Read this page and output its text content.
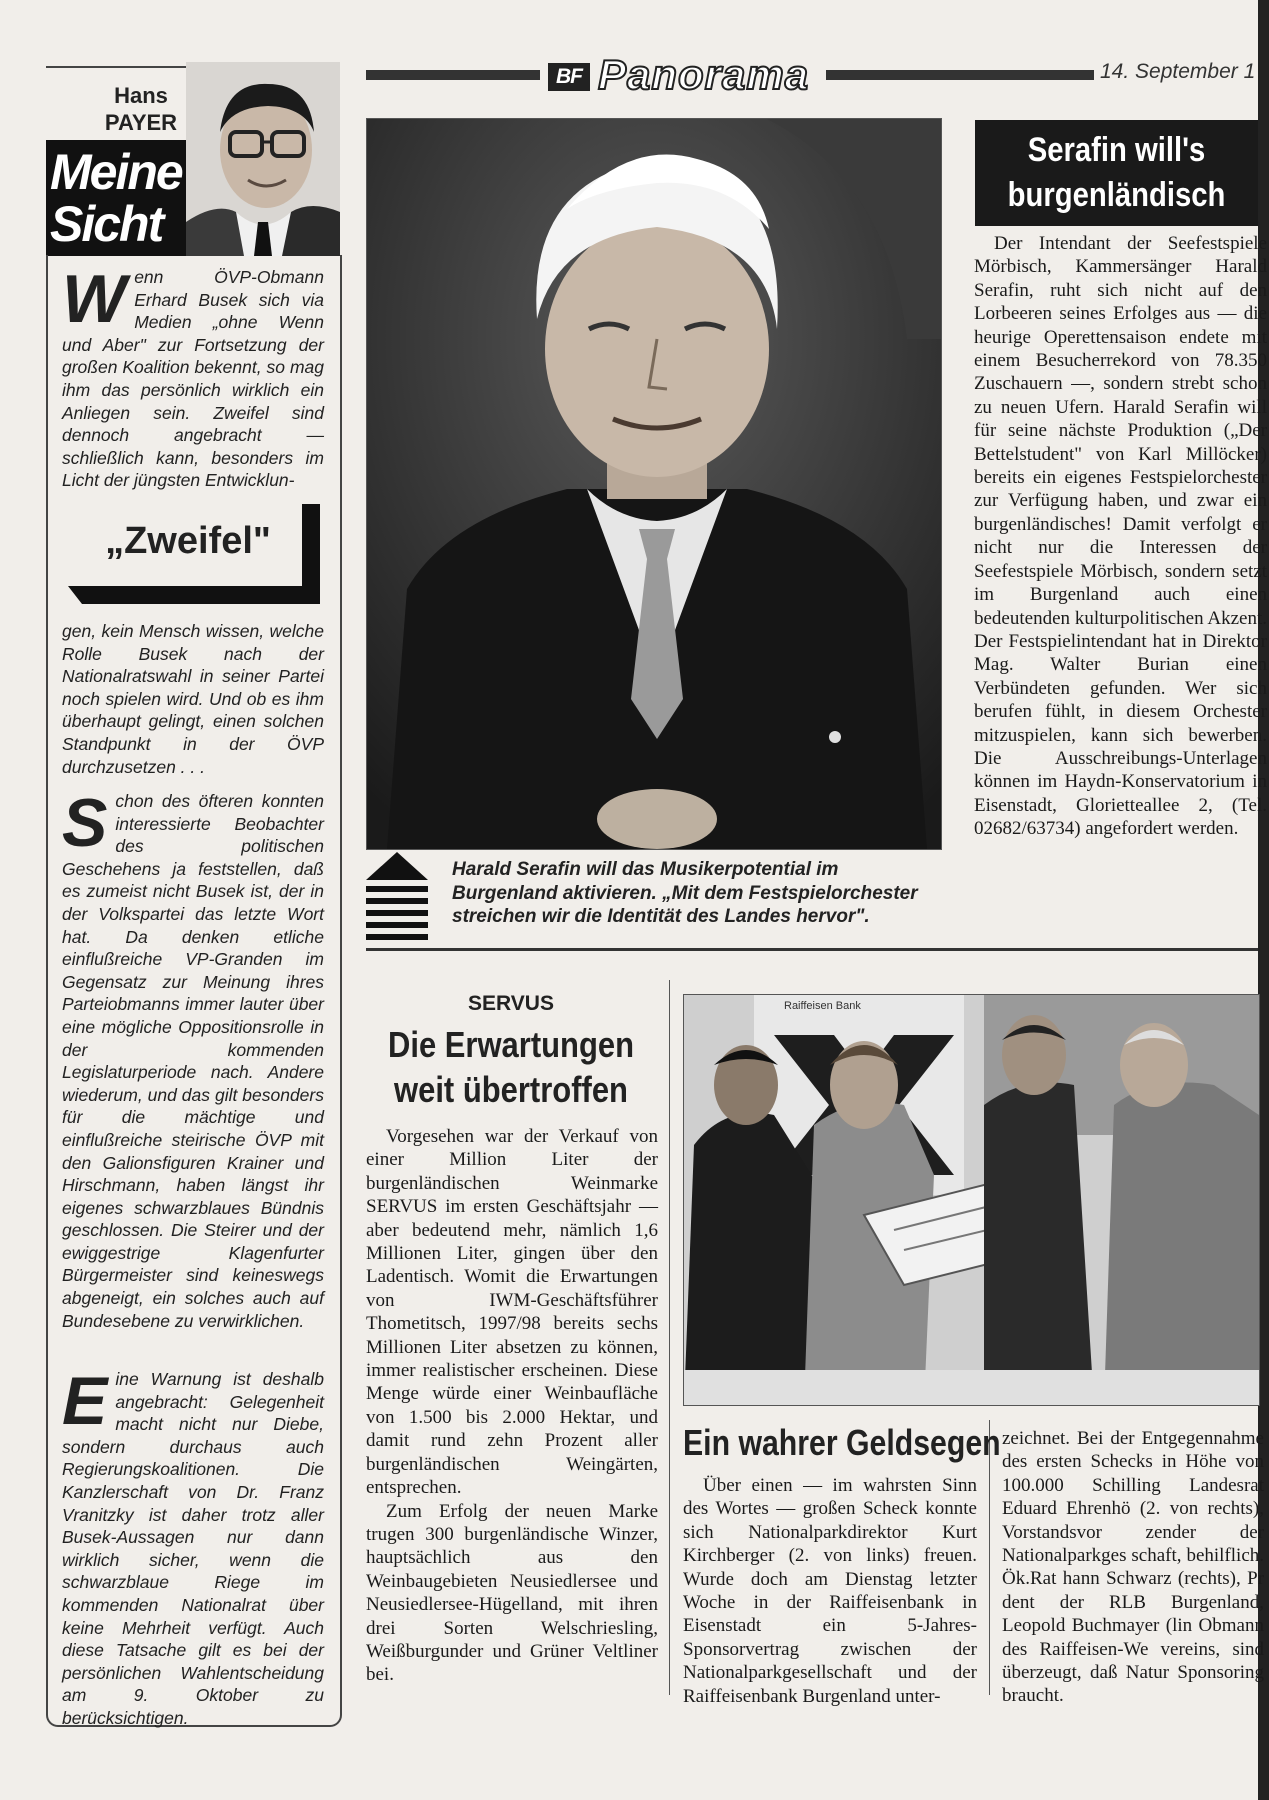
BF Panorama	14. September 1
Hans
PAYER
Meine Sicht

Wenn ÖVP-Obmann Erhard Busek sich via Medien „ohne Wenn und Aber" zur Fortsetzung der großen Koalition bekennt, so mag ihm das persönlich wirklich ein Anliegen sein. Zweifel sind dennoch angebracht — schließlich kann, besonders im Licht der jüngsten Entwicklun-

„Zweifel"

gen, kein Mensch wissen, welche Rolle Busek nach der Nationalratswahl in seiner Partei noch spielen wird. Und ob es ihm überhaupt gelingt, einen solchen Standpunkt in der ÖVP durchzusetzen . . .

Schon des öfteren konnten interessierte Beobachter des politischen Geschehens ja feststellen, daß es zumeist nicht Busek ist, der in der Volkspartei das letzte Wort hat. Da denken etliche einflußreiche VP-Granden im Gegensatz zur Meinung ihres Parteiobmanns immer lauter über eine mögliche Oppositionsrolle in der kommenden Legislaturperiode nach. Andere wiederum, und das gilt besonders für die mächtige und einflußreiche steirische ÖVP mit den Galionsfiguren Krainer und Hirschmann, haben längst ihr eigenes schwarzblaues Bündnis geschlossen. Die Steirer und der ewiggestrige Klagenfurter Bürgermeister sind keineswegs abgeneigt, ein solches auch auf Bundesebene zu verwirklichen.

Eine Warnung ist deshalb angebracht: Gelegenheit macht nicht nur Diebe, sondern durchaus auch Regierungskoalitionen. Die Kanzlerschaft von Dr. Franz Vranitzky ist daher trotz aller Busek-Aussagen nur dann wirklich sicher, wenn die schwarzblaue Riege im kommenden Nationalrat über keine Mehrheit verfügt. Auch diese Tatsache gilt es bei der persönlichen Wahlentscheidung am 9. Oktober zu berücksichtigen.

Harald Serafin will das Musikerpotential im Burgenland aktivieren. „Mit dem Festspielorchester streichen wir die Identität des Landes hervor".
Serafin will's
burgenländisch

Der Intendant der Seefestspiele Mörbisch, Kammersänger Harald Serafin, ruht sich nicht auf den Lorbeeren seines Erfolges aus — die heurige Operettensaison endete mit einem Besucherrekord von 78.350 Zuschauern —, sondern strebt schon zu neuen Ufern. Harald Serafin will für seine nächste Produktion („Der Bettelstudent" von Karl Millöcker) bereits ein eigenes Festspielorchester zur Verfügung haben, und zwar ein burgenländisches! Damit verfolgt er nicht nur die Interessen der Seefestspiele Mörbisch, sondern setzt im Burgenland auch einen bedeutenden kulturpolitischen Akzent. Der Festspielintendant hat in Direktor Mag. Walter Burian einen Verbündeten gefunden. Wer sich berufen fühlt, in diesem Orchester mitzuspielen, kann sich bewerben. Die Ausschreibungs-Unterlagen können im Haydn-Konservatorium in Eisenstadt, Gloriettealleе 2, (Tel. 02682/63734) angefordert werden.

SERVUS
Die Erwartungen
weit übertroffen

Vorgesehen war der Verkauf von einer Million Liter der burgenländischen Weinmarke SERVUS im ersten Geschäftsjahr — aber bedeutend mehr, nämlich 1,6 Millionen Liter, gingen über den Ladentisch. Womit die Erwartungen von IWM-Geschäftsführer Thometitsch, 1997/98 bereits sechs Millionen Liter absetzen zu können, immer realistischer erscheinen. Diese Menge würde einer Weinbaufläche von 1.500 bis 2.000 Hektar, und damit rund zehn Prozent aller burgenländischen Weingärten, entsprechen.

Zum Erfolg der neuen Marke trugen 300 burgenländische Winzer, hauptsächlich aus den Weinbaugebieten Neusiedlersee und Neusiedlersee-Hügelland, mit ihren drei Sorten Welschriesling, Weißburgunder und Grüner Veltliner bei.

Raiffeisen Bank
Ein wahrer Geldsegen

Über einen — im wahrsten Sinn des Wortes — großen Scheck konnte sich Nationalparkdirektor Kurt Kirchberger (2. von links) freuen. Wurde doch am Dienstag letzter Woche in der Raiffeisenbank in Eisenstadt ein 5-Jahres-Sponsorvertrag zwischen der Nationalparkgesellschaft und der Raiffeisenbank Burgenland unter-

zeichnet. Bei der Entgegennahme des ersten Schecks in Höhe von 100.000 Schilling Landesrat Eduard Ehrenhö (2. von rechts), Vorstandsvor zender der Nationalparkges schaft, behilflich. Ök.Rat hann Schwarz (rechts), Pr dent der RLB Burgenland, Leopold Buchmayer (lin Obmann des Raiffeisen-We vereins, sind überzeugt, daß Natur Sponsoring braucht.
